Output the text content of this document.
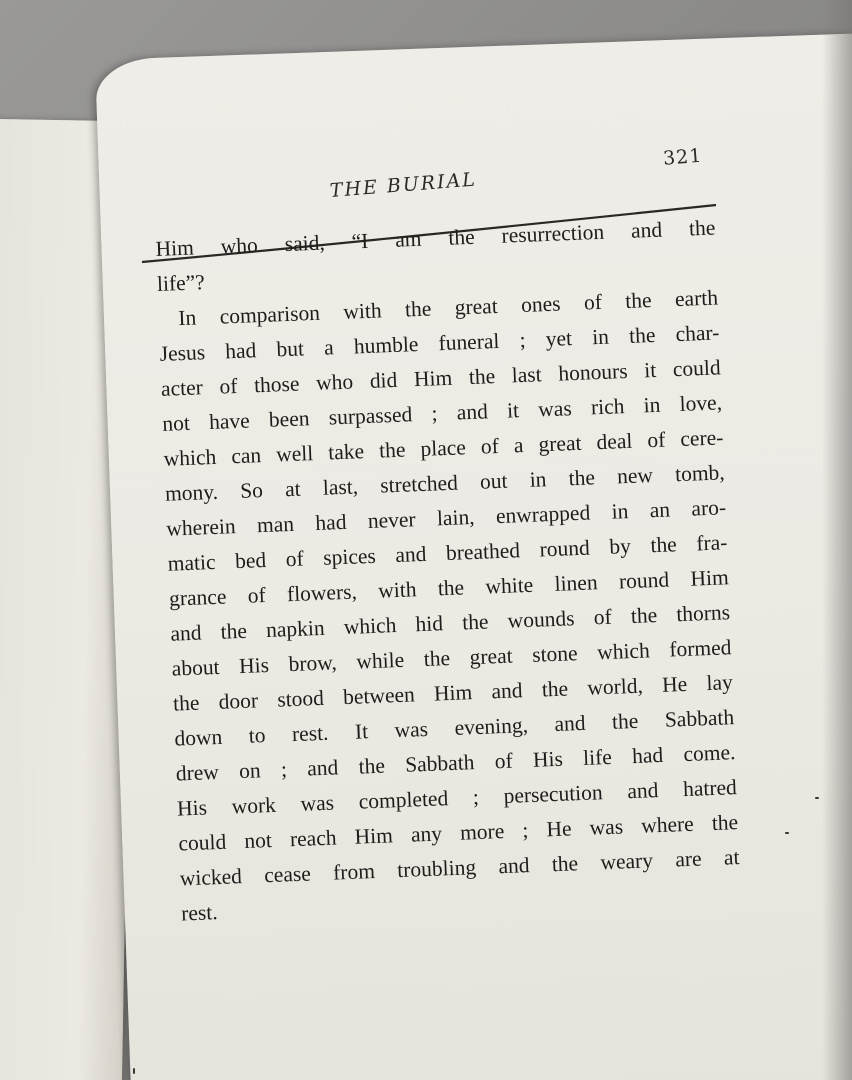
THE BURIAL
321
Him who said, “I am the resurrection and the
life”?
In comparison with the great ones of the earth
Jesus had but a humble funeral ; yet in the char-
acter of those who did Him the last honours it could
not have been surpassed ; and it was rich in love,
which can well take the place of a great deal of cere-
mony. So at last, stretched out in the new tomb,
wherein man had never lain, enwrapped in an aro-
matic bed of spices and breathed round by the fra-
grance of flowers, with the white linen round Him
and the napkin which hid the wounds of the thorns
about His brow, while the great stone which formed
the door stood between Him and the world, He lay
down to rest. It was evening, and the Sabbath
drew on ; and the Sabbath of His life had come.
His work was completed ; persecution and hatred
could not reach Him any more ; He was where the
wicked cease from troubling and the weary are at
rest.
